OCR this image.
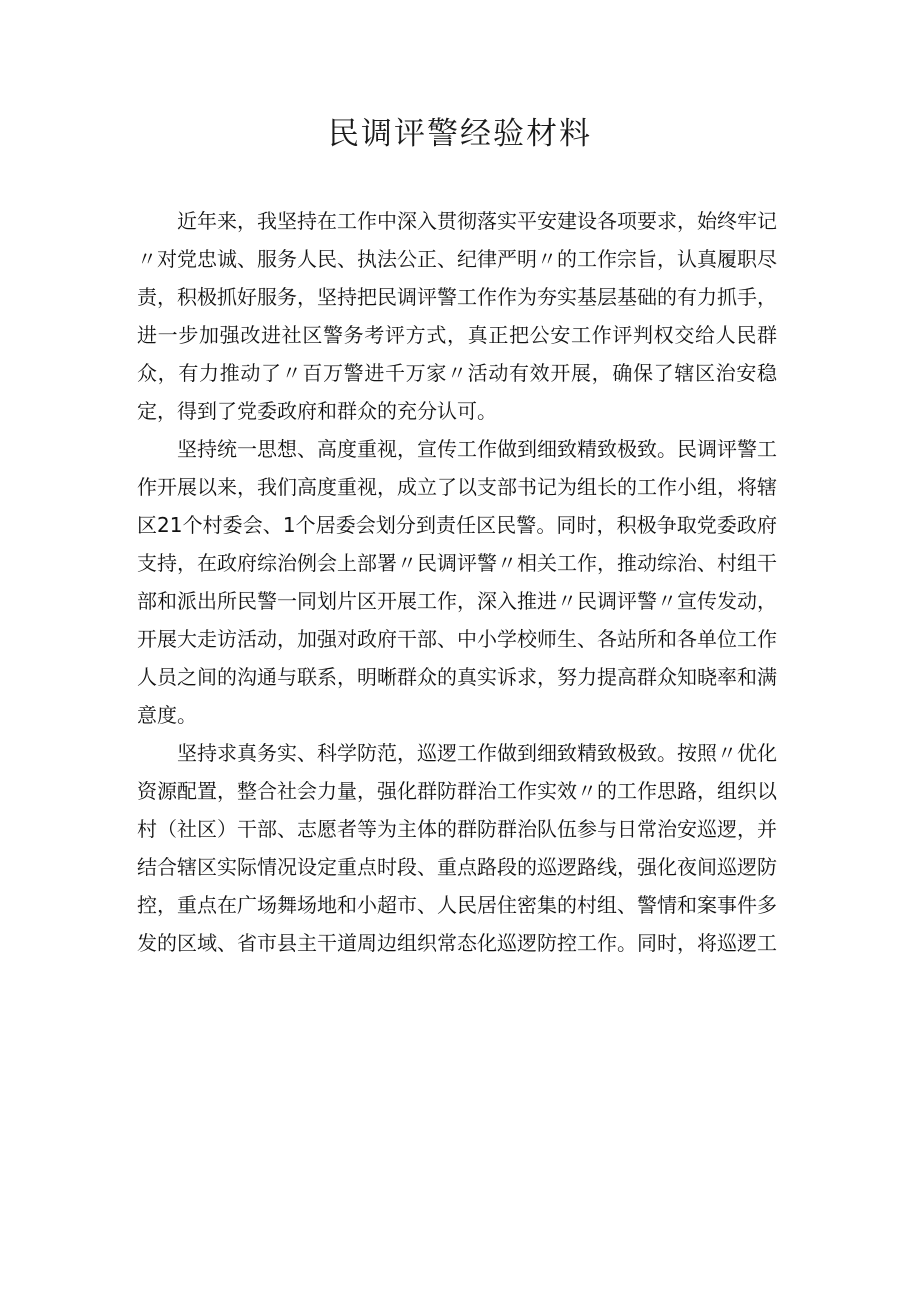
民调评警经验材料

近年来，我坚持在工作中深入贯彻落实平安建设各项要求，始终牢记〃对党忠诚、服务人民、执法公正、纪律严明〃的工作宗旨，认真履职尽责，积极抓好服务，坚持把民调评警工作作为夯实基层基础的有力抓手，进一步加强改进社区警务考评方式，真正把公安工作评判权交给人民群众，有力推动了〃百万警进千万家〃活动有效开展，确保了辖区治安稳定，得到了党委政府和群众的充分认可。

坚持统一思想、高度重视，宣传工作做到细致精致极致。民调评警工作开展以来，我们高度重视，成立了以支部书记为组长的工作小组，将辖区21个村委会、1个居委会划分到责任区民警。同时，积极争取党委政府支持，在政府综治例会上部署〃民调评警〃相关工作，推动综治、村组干部和派出所民警一同划片区开展工作，深入推进〃民调评警〃宣传发动，开展大走访活动，加强对政府干部、中小学校师生、各站所和各单位工作人员之间的沟通与联系，明晰群众的真实诉求，努力提高群众知晓率和满意度。

坚持求真务实、科学防范，巡逻工作做到细致精致极致。按照〃优化资源配置，整合社会力量，强化群防群治工作实效〃的工作思路，组织以村（社区）干部、志愿者等为主体的群防群治队伍参与日常治安巡逻，并结合辖区实际情况设定重点时段、重点路段的巡逻路线，强化夜间巡逻防控，重点在广场舞场地和小超市、人民居住密集的村组、警情和案事件多发的区域、省市县主干道周边组织常态化巡逻防控工作。同时，将巡逻工
